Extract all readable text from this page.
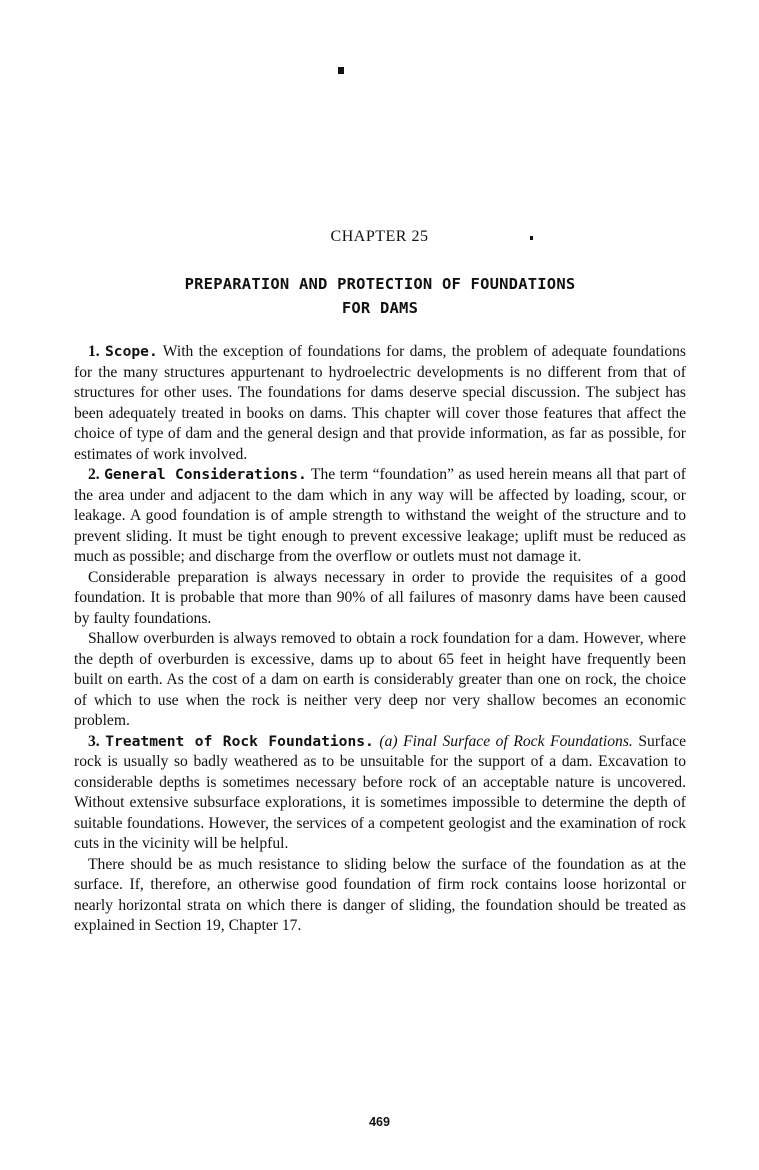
CHAPTER 25
PREPARATION AND PROTECTION OF FOUNDATIONS
FOR DAMS

1. Scope. With the exception of foundations for dams, the problem of adequate foundations for the many structures appurtenant to hydroelectric developments is no different from that of structures for other uses. The foundations for dams deserve special discussion. The subject has been adequately treated in books on dams. This chapter will cover those features that affect the choice of type of dam and the general design and that provide information, as far as possible, for estimates of work involved.

2. General Considerations. The term “foundation” as used herein means all that part of the area under and adjacent to the dam which in any way will be affected by loading, scour, or leakage. A good foundation is of ample strength to withstand the weight of the structure and to prevent sliding. It must be tight enough to prevent excessive leakage; uplift must be reduced as much as possible; and discharge from the overflow or outlets must not damage it.

Considerable preparation is always necessary in order to provide the requisites of a good foundation. It is probable that more than 90% of all failures of masonry dams have been caused by faulty foundations.

Shallow overburden is always removed to obtain a rock foundation for a dam. However, where the depth of overburden is excessive, dams up to about 65 feet in height have frequently been built on earth. As the cost of a dam on earth is considerably greater than one on rock, the choice of which to use when the rock is neither very deep nor very shallow becomes an economic problem.

3. Treatment of Rock Foundations. (a) Final Surface of Rock Foundations. Surface rock is usually so badly weathered as to be unsuitable for the support of a dam. Excavation to considerable depths is sometimes necessary before rock of an acceptable nature is uncovered. Without extensive subsurface explorations, it is sometimes impossible to determine the depth of suitable foundations. However, the services of a competent geologist and the examination of rock cuts in the vicinity will be helpful.

There should be as much resistance to sliding below the surface of the foundation as at the surface. If, therefore, an otherwise good foundation of firm rock contains loose horizontal or nearly horizontal strata on which there is danger of sliding, the foundation should be treated as explained in Section 19, Chapter 17.

469
